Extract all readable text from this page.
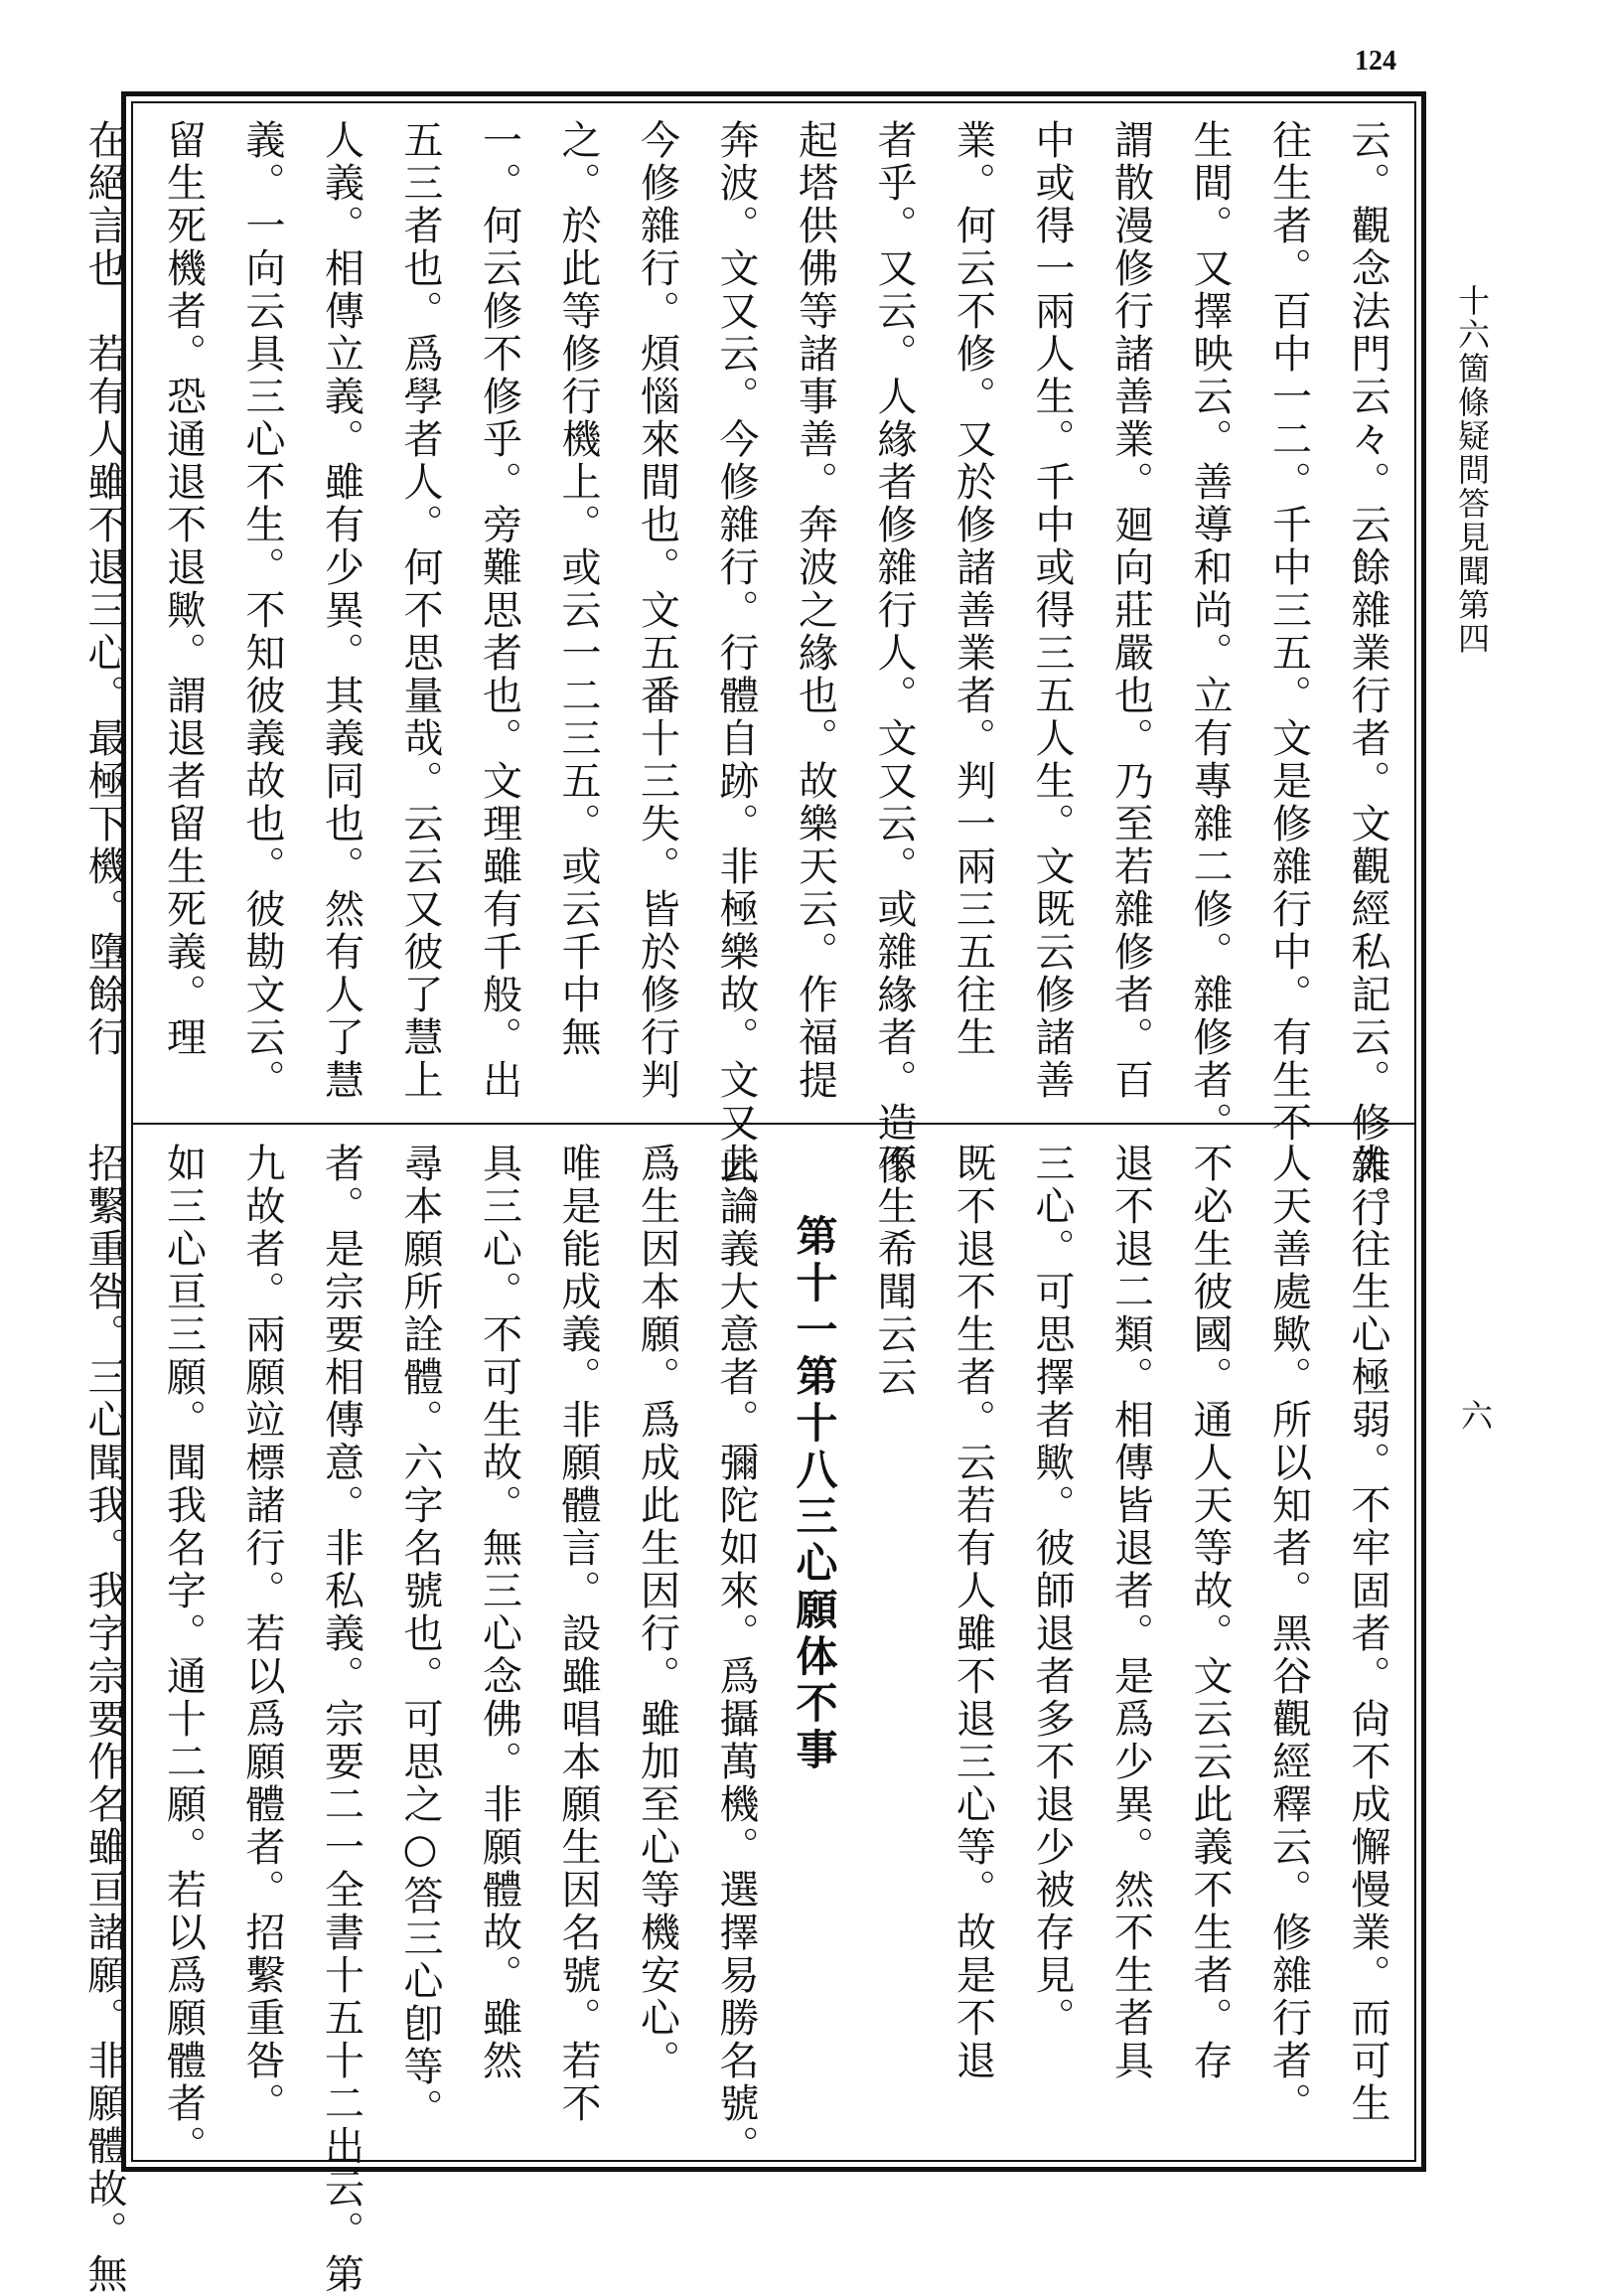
124
十六箇條疑問答見聞第四
六
云。觀念法門云々。云餘雜業行者。文觀經私記云。修雜行
往生者。百中一二。千中三五。文是修雜行中。有生不
生間。又擇映云。善導和尚。立有專雜二修。雜修者。
謂散漫修行諸善業。廻向莊嚴也。乃至若雜修者。百
中或得一兩人生。千中或得三五人生。文既云修諸善
業。何云不修。又於修諸善業者。判一兩三五往生
者乎。又云。人緣者修雜行人。文又云。或雜緣者。造像
起塔供佛等諸事善。奔波之緣也。故樂天云。作福提
奔波。文又云。今修雜行。行體自跡。非極樂故。文又云。
今修雜行。煩惱來間也。文五番十三失。皆於修行判
之。於此等修行機上。或云一二三五。或云千中無
一。何云修不修乎。旁難思者也。文理雖有千般。出
五三者也。爲學者人。何不思量哉。云云又彼了慧上
人義。相傳立義。雖有少異。其義同也。然有人了慧
義。一向云具三心不生。不知彼義故也。彼勘文云。
留生死機者。恐通退不退歟。謂退者留生死義。理
在絕言也　若有人雖不退三心。最極下機。墮餘行
失。往生心極弱。不牢固者。尙不成懈慢業。而可生
人天善處歟。所以知者。黑谷觀經釋云。修雜行者。
不必生彼國。通人天等故。文云云此義不生者。存
退不退二類。相傳皆退者。是爲少異。然不生者具
三心。可思擇者歟。彼師退者多不退少被存見。
既不退不生者。云若有人雖不退三心等。故是不退
不生希聞云云
第十一第十八三心願体不事
此論義大意者。彌陀如來。爲攝萬機。選擇易勝名號。
爲生因本願。爲成此生因行。雖加至心等機安心。
唯是能成義。非願體言。設雖唱本願生因名號。若不
具三心。不可生故。無三心念佛。非願體故。雖然
尋本願所詮體。六字名號也。可思之○答三心卽等。
者。是宗要相傳意。非私義。宗要二一全書十五十二出云。第
九故者。兩願竝標諸行。若以爲願體者。招繫重咎。
如三心亘三願。聞我名字。通十二願。若以爲願體者。
招繫重咎。三心聞我。我字宗要作名雖亘諸願。非願體故。無
